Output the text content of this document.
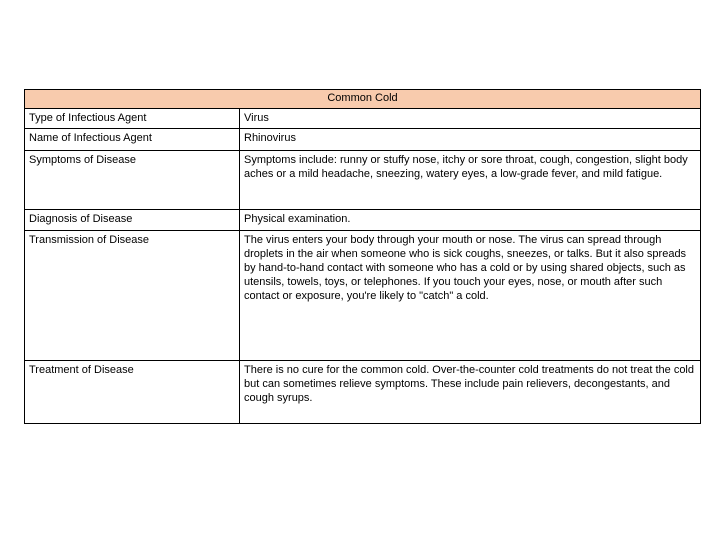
Common Cold	
Type of Infectious Agent	Virus
Name of Infectious Agent	Rhinovirus
Symptoms of Disease	Symptoms include: runny or stuffy nose, itchy or sore throat, cough, congestion, slight body aches or a mild headache, sneezing, watery eyes, a low-grade fever, and mild fatigue.
Diagnosis of Disease	Physical examination.
Transmission of Disease	The virus enters your body through your mouth or nose. The virus can spread through droplets in the air when someone who is sick coughs, sneezes, or talks. But it also spreads by hand-to-hand contact with someone who has a cold or by using shared objects, such as utensils, towels, toys, or telephones. If you touch your eyes, nose, or mouth after such contact or exposure, you're likely to "catch" a cold.
Treatment of Disease	There is no cure for the common cold. Over-the-counter cold treatments do not treat the cold but can sometimes relieve symptoms. These include pain relievers, decongestants, and cough syrups.
